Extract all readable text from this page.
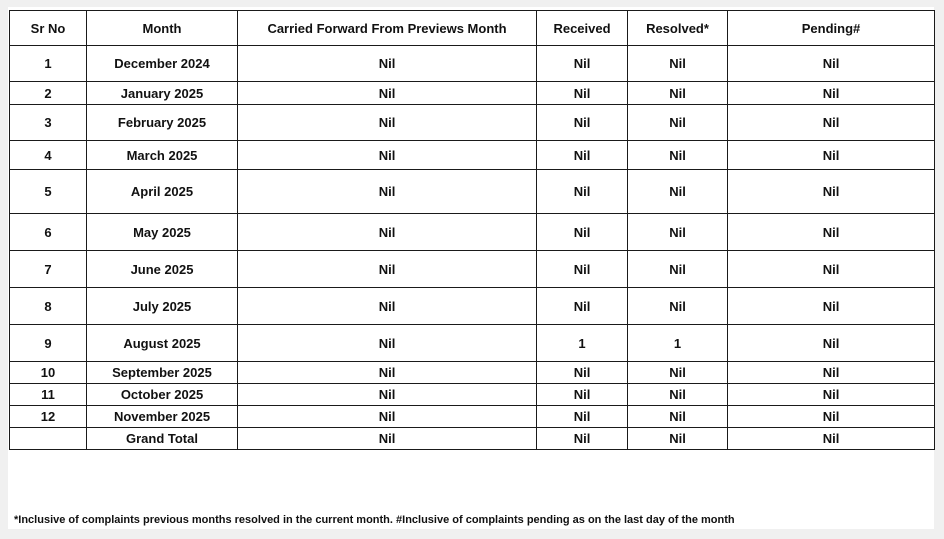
Sr No	Month	Carried Forward From Previews Month	Received	Resolved*	Pending#
1	December 2024	Nil	Nil	Nil	Nil
2	January 2025	Nil	Nil	Nil	Nil
3	February 2025	Nil	Nil	Nil	Nil
4	March 2025	Nil	Nil	Nil	Nil
5	April 2025	Nil	Nil	Nil	Nil
6	May 2025	Nil	Nil	Nil	Nil
7	June 2025	Nil	Nil	Nil	Nil
8	July 2025	Nil	Nil	Nil	Nil
9	August 2025	Nil	1	1	Nil
10	September 2025	Nil	Nil	Nil	Nil
11	October 2025	Nil	Nil	Nil	Nil
12	November 2025	Nil	Nil	Nil	Nil
	Grand Total	Nil	Nil	Nil	Nil
*Inclusive of complaints previous months resolved in the current month. #Inclusive of complaints pending as on the last day of the month
